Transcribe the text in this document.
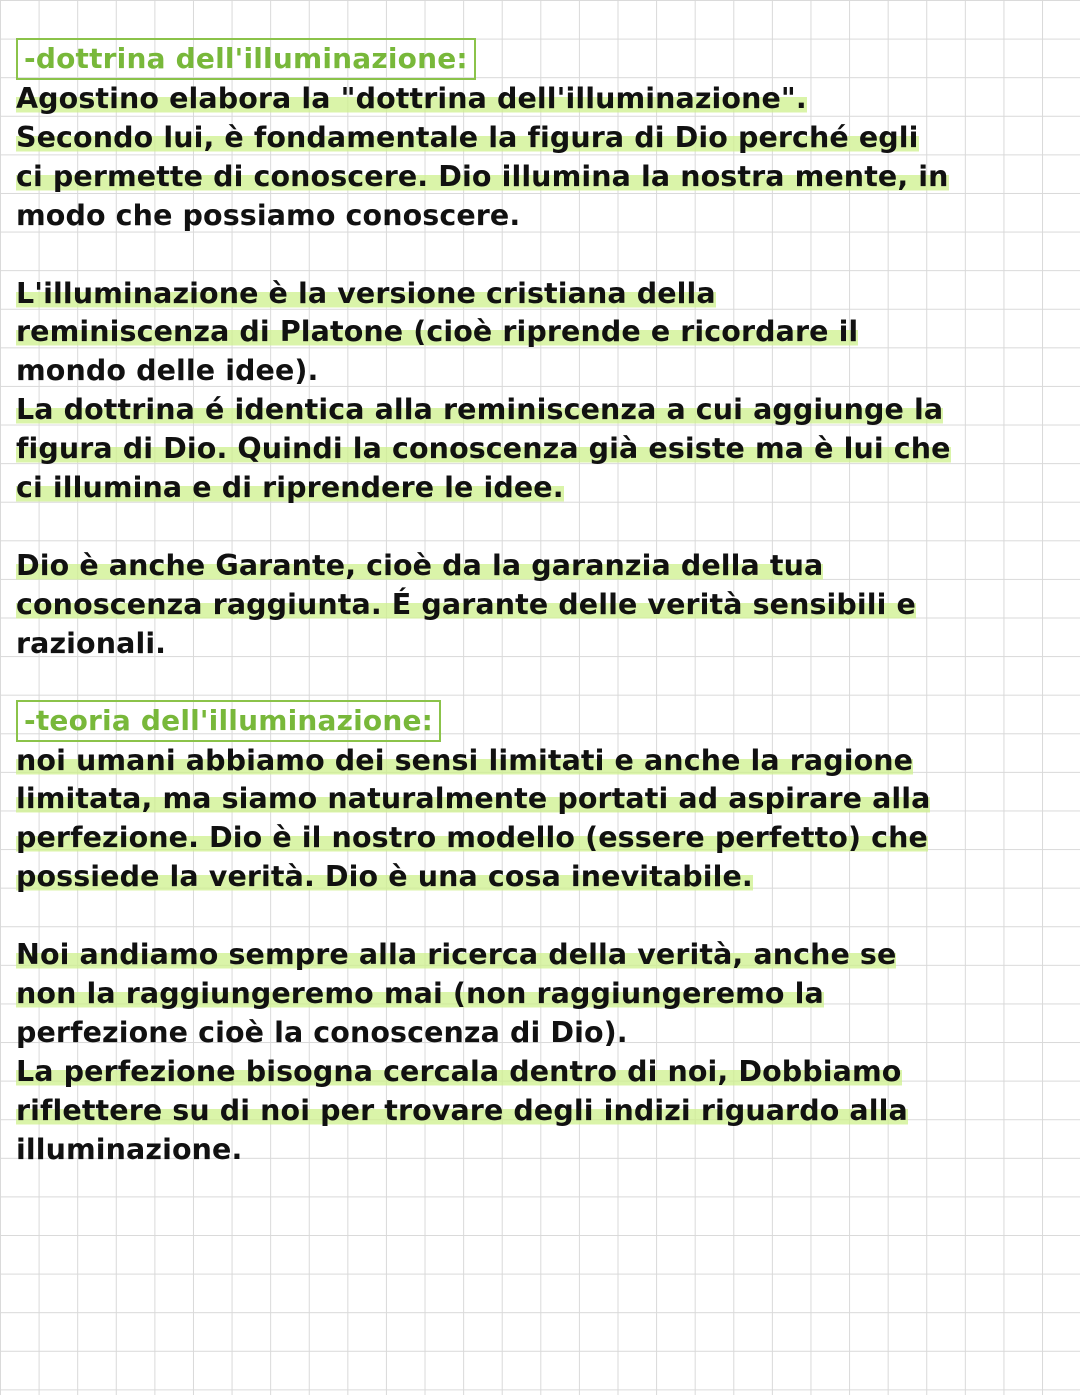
-dottrina dell'illuminazione:
Agostino elabora la "dottrina dell'illuminazione".
Secondo lui, è fondamentale la figura di Dio perché egli
ci permette di conoscere. Dio illumina la nostra mente, in
modo che possiamo conoscere.
L'illuminazione è la versione cristiana della
reminiscenza di Platone (cioè riprende e ricordare il
mondo delle idee).
La dottrina é identica alla reminiscenza a cui aggiunge la
figura di Dio. Quindi la conoscenza già esiste ma è lui che
ci illumina e di riprendere le idee.
Dio è anche Garante, cioè da la garanzia della tua
conoscenza raggiunta. É garante delle verità sensibili e
razionali.
-teoria dell'illuminazione:
noi umani abbiamo dei sensi limitati e anche la ragione
limitata, ma siamo naturalmente portati ad aspirare alla
perfezione. Dio è il nostro modello (essere perfetto) che
possiede la verità. Dio è una cosa inevitabile.
Noi andiamo sempre alla ricerca della verità, anche se
non la raggiungeremo mai (non raggiungeremo la
perfezione cioè la conoscenza di Dio).
La perfezione bisogna cercala dentro di noi, Dobbiamo
riflettere su di noi per trovare degli indizi riguardo alla
illuminazione.
